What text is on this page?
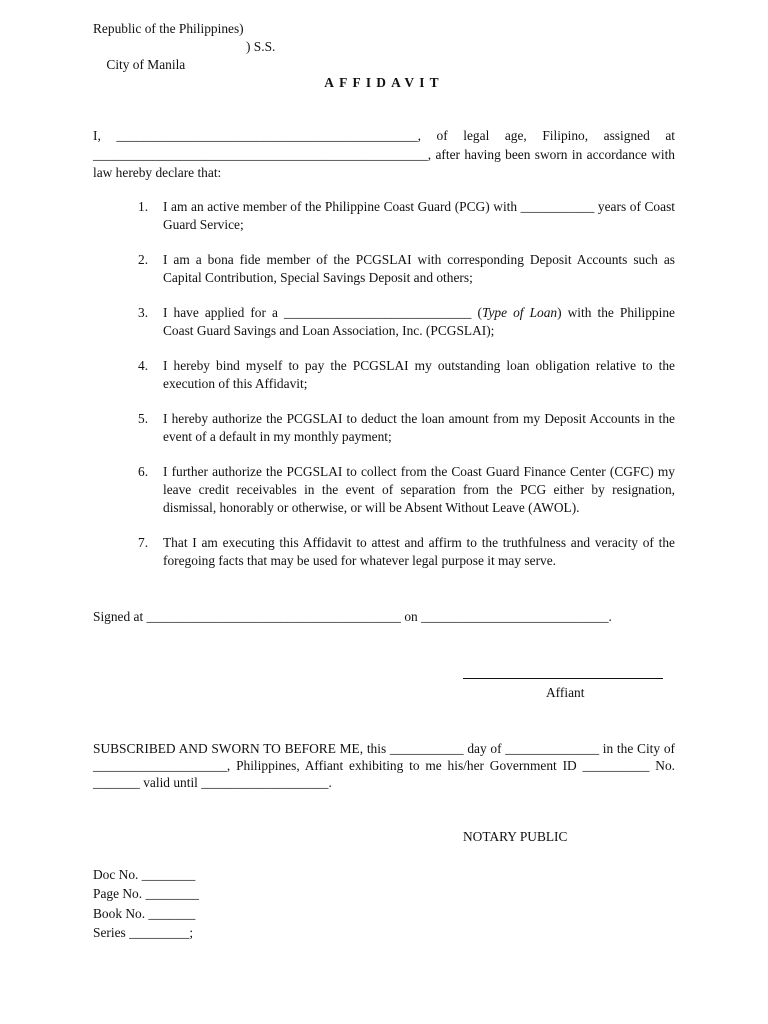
Republic of the Philippines)

City of Manila

) S.S.

AFFIDAVIT
I, _____________________________________________, of legal age, Filipino, assigned at __________________________________________________, after having been sworn in accordance with law hereby declare that:
1. I am an active member of the Philippine Coast Guard (PCG) with ___________ years of Coast Guard Service;
2. I am a bona fide member of the PCGSLAI with corresponding Deposit Accounts such as Capital Contribution, Special Savings Deposit and others;
3. I have applied for a ____________________________ (Type of Loan) with the Philippine Coast Guard Savings and Loan Association, Inc. (PCGSLAI);
4. I hereby bind myself to pay the PCGSLAI my outstanding loan obligation relative to the execution of this Affidavit;
5. I hereby authorize the PCGSLAI to deduct the loan amount from my Deposit Accounts in the event of a default in my monthly payment;
6. I further authorize the PCGSLAI to collect from the Coast Guard Finance Center (CGFC) my leave credit receivables in the event of separation from the PCG either by resignation, dismissal, honorably or otherwise, or will be Absent Without Leave (AWOL).
7. That I am executing this Affidavit to attest and affirm to the truthfulness and veracity of the foregoing facts that may be used for whatever legal purpose it may serve.
Signed at ______________________________________ on ____________________________.
Affiant
SUBSCRIBED AND SWORN TO BEFORE ME, this ___________ day of ______________ in the City of ____________________, Philippines, Affiant exhibiting to me his/her Government ID __________ No. _______ valid until ___________________.
NOTARY PUBLIC
Doc No. ________
Page No. ________
Book No. _______
Series _________;
